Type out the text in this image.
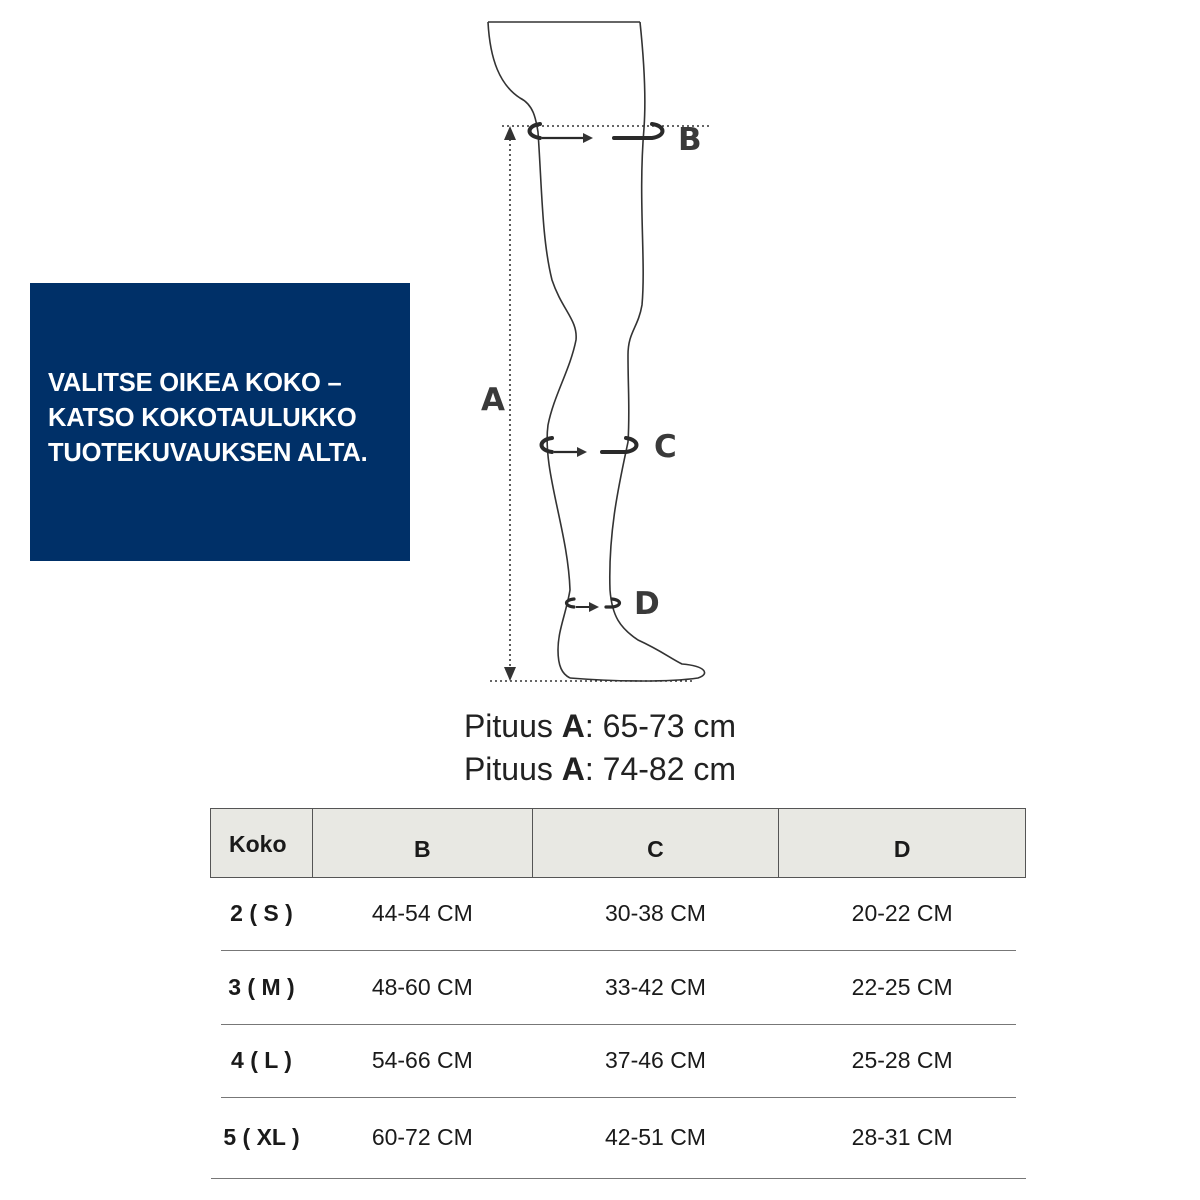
VALITSE OIKEA KOKO –
KATSO KOKOTAULUKKO
TUOTEKUVAUKSEN ALTA.
B
C
D
A
Pituus A: 65-73 cm
Pituus A: 74-82 cm
Koko	B	C	D
2 ( S )	44-54 CM	30-38 CM	20-22 CM

3 ( M )	48-60 CM	33-42 CM	22-25 CM

4 ( L )	54-66 CM	37-46 CM	25-28 CM

5 ( XL )	60-72 CM	42-51 CM	28-31 CM
